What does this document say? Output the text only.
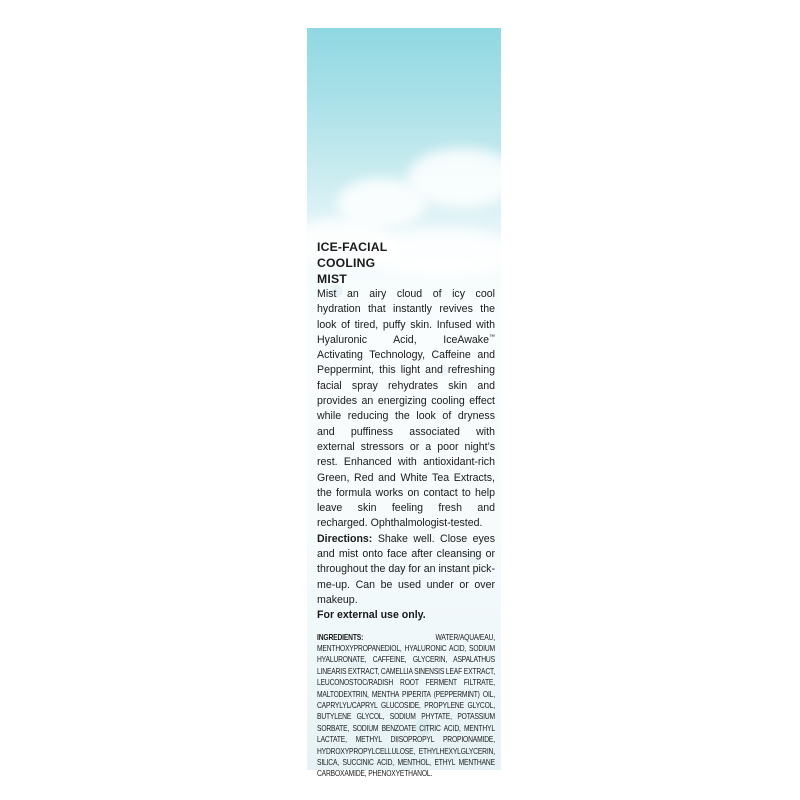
ICE-FACIAL COOLING MIST

Mist an airy cloud of icy cool hydration that instantly revives the look of tired, puffy skin. Infused with Hyaluronic Acid, IceAwake™ Activating Technology, Caffeine and Peppermint, this light and refreshing facial spray rehydrates skin and provides an energizing cooling effect while reducing the look of dryness and puffiness associated with external stressors or a poor night’s rest. Enhanced with antioxidant-rich Green, Red and White Tea Extracts, the formula works on contact to help leave skin feeling fresh and recharged. Ophthalmologist-tested.

Directions: Shake well. Close eyes and mist onto face after cleansing or throughout the day for an instant pick-me-up. Can be used under or over makeup.

For external use only.

INGREDIENTS: WATER/AQUA/EAU, MENTHOXYPROPANEDIOL, HYALURONIC ACID, SODIUM HYALURONATE, CAFFEINE, GLYCERIN, ASPALATHUS LINEARIS EXTRACT, CAMELLIA SINENSIS LEAF EXTRACT, LEUCONOSTOC/RADISH ROOT FERMENT FILTRATE, MALTODEXTRIN, MENTHA PIPERITA (PEPPERMINT) OIL, CAPRYLYL/CAPRYL GLUCOSIDE, PROPYLENE GLYCOL, BUTYLENE GLYCOL, SODIUM PHYTATE, POTASSIUM SORBATE, SODIUM BENZOATE CITRIC ACID, MENTHYL LACTATE, METHYL DIISOPROPYL PROPIONAMIDE, HYDROXYPROPYLCELLULOSE, ETHYLHEXYLGLYCERIN, SILICA, SUCCINIC ACID, MENTHOL, ETHYL MENTHANE CARBOXAMIDE, PHENOXYETHANOL.
